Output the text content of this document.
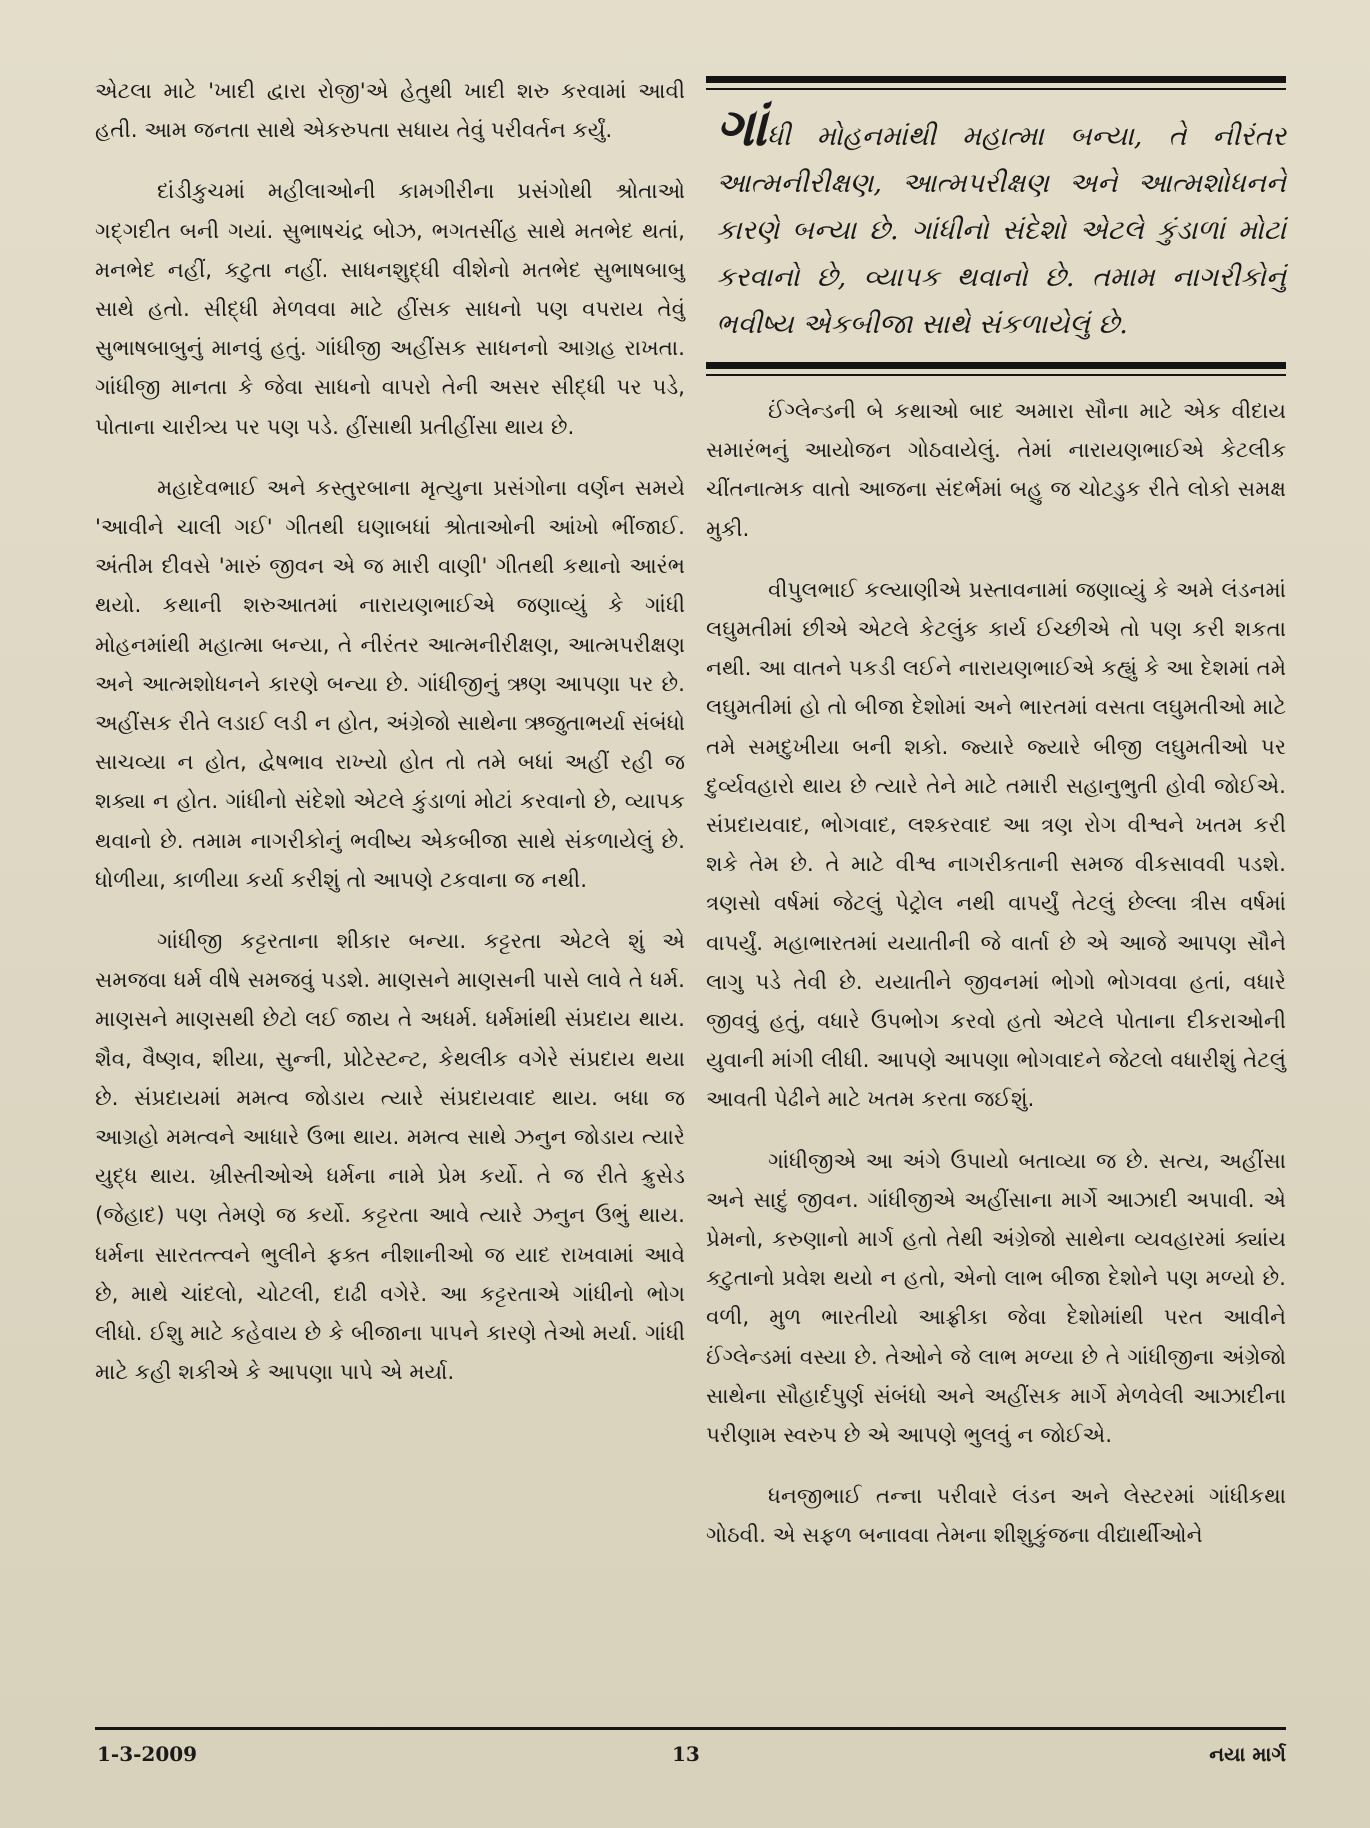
એટલા માટે 'ખાદી દ્વારા રોજી'એ હેતુથી ખાદી શરુ કરવામાં આવી હતી. આમ જનતા સાથે એકરુપતા સધાય તેવું પરીવર્તન કર્યું.

દાંડીકુચમાં મહીલાઓની કામગીરીના પ્રસંગોથી શ્રોતાઓ ગદ્ગદીત બની ગયાં. સુભાષચંદ્ર બોઝ, ભગતસીંહ સાથે મતભેદ થતાં, મનભેદ નહીં, કટુતા નહીં. સાધનશુદ્ધી વીશેનો મતભેદ સુભાષબાબુ સાથે હતો. સીદ્ધી મેળવવા માટે હીંસક સાધનો પણ વપરાય તેવું સુભાષબાબુનું માનવું હતું. ગાંધીજી અહીંસક સાધનનો આગ્રહ રાખતા. ગાંધીજી માનતા કે જેવા સાધનો વાપરો તેની અસર સીદ્ધી પર પડે, પોતાના ચારીત્ર્ય પર પણ પડે. હીંસાથી પ્રતીહીંસા થાય છે.

મહાદેવભાઈ અને કસ્તુરબાના મૃત્યુના પ્રસંગોના વર્ણન સમયે 'આવીને ચાલી ગઈ' ગીતથી ઘણાબધાં શ્રોતાઓની આંખો ભીંજાઈ. અંતીમ દીવસે 'મારું જીવન એ જ મારી વાણી' ગીતથી કથાનો આરંભ થયો. કથાની શરુઆતમાં નારાયણભાઈએ જણાવ્યું કે ગાંધી મોહનમાંથી મહાત્મા બન્યા, તે નીરંતર આત્મનીરીક્ષણ, આત્મપરીક્ષણ અને આત્મશોધનને કારણે બન્યા છે. ગાંધીજીનું ઋણ આપણા પર છે. અહીંસક રીતે લડાઈ લડી ન હોત, અંગ્રેજો સાથેના ઋજુતાભર્યા સંબંધો સાચવ્યા ન હોત, દ્વેષભાવ રાખ્યો હોત તો તમે બધાં અહીં રહી જ શક્યા ન હોત. ગાંધીનો સંદેશો એટલે કુંડાળાં મોટાં કરવાનો છે, વ્યાપક થવાનો છે. તમામ નાગરીકોનું ભવીષ્ય એકબીજા સાથે સંકળાયેલું છે. ધોળીયા, કાળીયા કર્યા કરીશું તો આપણે ટકવાના જ નથી.

ગાંધીજી કટ્ટરતાના શીકાર બન્યા. કટ્ટરતા એટલે શું એ સમજવા ધર્મ વીષે સમજવું પડશે. માણસને માણસની પાસે લાવે તે ધર્મ. માણસને માણસથી છેટો લઈ જાય તે અધર્મ. ધર્મમાંથી સંપ્રદાય થાય. શૈવ, વૈષ્ણવ, શીયા, સુન્ની, પ્રોટેસ્ટન્ટ, કેથલીક વગેરે સંપ્રદાય થયા છે. સંપ્રદાયમાં મમત્વ જોડાય ત્યારે સંપ્રદાયવાદ થાય. બધા જ આગ્રહો મમત્વને આધારે ઉભા થાય. મમત્વ સાથે ઝનુન જોડાય ત્યારે યુદ્ધ થાય. ખ્રીસ્તીઓએ ધર્મના નામે પ્રેમ કર્યો. તે જ રીતે ક્રુસેડ (જેહાદ) પણ તેમણે જ કર્યો. કટ્ટરતા આવે ત્યારે ઝનુન ઉભું થાય. ધર્મના સારતત્ત્વને ભુલીને ફક્ત નીશાનીઓ જ યાદ રાખવામાં આવે છે, માથે ચાંદલો, ચોટલી, દાઢી વગેરે. આ કટ્ટરતાએ ગાંધીનો ભોગ લીધો. ઈશુ માટે કહેવાય છે કે બીજાના પાપને કારણે તેઓ મર્યા. ગાંધી માટે કહી શકીએ કે આપણા પાપે એ મર્યા.

ગાંધી મોહનમાંથી મહાત્મા બન્યા, તે નીરંતર આત્મનીરીક્ષણ, આત્મપરીક્ષણ અને આત્મશોધનને કારણે બન્યા છે. ગાંધીનો સંદેશો એટલે કુંડાળાં મોટાં કરવાનો છે, વ્યાપક થવાનો છે. તમામ નાગરીકોનું ભવીષ્ય એકબીજા સાથે સંકળાયેલું છે.

ઈંગ્લેન્ડની બે કથાઓ બાદ અમારા સૌના માટે એક વીદાય સમારંભનું આયોજન ગોઠવાયેલું. તેમાં નારાયણભાઈએ કેટલીક ચીંતનાત્મક વાતો આજના સંદર્ભમાં બહુ જ ચોટડુક રીતે લોકો સમક્ષ મુકી.

વીપુલભાઈ કલ્યાણીએ પ્રસ્તાવનામાં જણાવ્યું કે અમે લંડનમાં લઘુમતીમાં છીએ એટલે કેટલુંક કાર્ય ઈચ્છીએ તો પણ કરી શકતા નથી. આ વાતને પકડી લઈને નારાયણભાઈએ કહ્યું કે આ દેશમાં તમે લઘુમતીમાં હો તો બીજા દેશોમાં અને ભારતમાં વસતા લઘુમતીઓ માટે તમે સમદુખીયા બની શકો. જ્યારે જ્યારે બીજી લઘુમતીઓ પર દુર્વ્યવહારો થાય છે ત્યારે તેને માટે તમારી સહાનુભુતી હોવી જોઈએ. સંપ્રદાયવાદ, ભોગવાદ, લશ્કરવાદ આ ત્રણ રોગ વીશ્વને ખતમ કરી શકે તેમ છે. તે માટે વીશ્વ નાગરીકતાની સમજ વીકસાવવી પડશે. ત્રણસો વર્ષમાં જેટલું પેટ્રોલ નથી વાપર્યું તેટલું છેલ્લા ત્રીસ વર્ષમાં વાપર્યું. મહાભારતમાં યયાતીની જે વાર્તા છે એ આજે આપણ સૌને લાગુ પડે તેવી છે. યયાતીને જીવનમાં ભોગો ભોગવવા હતાં, વધારે જીવવું હતું, વધારે ઉપભોગ કરવો હતો એટલે પોતાના દીકરાઓની યુવાની માંગી લીધી. આપણે આપણા ભોગવાદને જેટલો વધારીશું તેટલું આવતી પેઢીને માટે ખતમ કરતા જઈશું.

ગાંધીજીએ આ અંગે ઉપાયો બતાવ્યા જ છે. સત્ય, અહીંસા અને સાદું જીવન. ગાંધીજીએ અહીંસાના માર્ગે આઝાદી અપાવી. એ પ્રેમનો, કરુણાનો માર્ગ હતો તેથી અંગ્રેજો સાથેના વ્યવહારમાં ક્યાંય કટુતાનો પ્રવેશ થયો ન હતો, એનો લાભ બીજા દેશોને પણ મળ્યો છે. વળી, મુળ ભારતીયો આફ્રીકા જેવા દેશોમાંથી પરત આવીને ઈંગ્લેન્ડમાં વસ્યા છે. તેઓને જે લાભ મળ્યા છે તે ગાંધીજીના અંગ્રેજો સાથેના સૌહાર્દપુર્ણ સંબંધો અને અહીંસક માર્ગે મેળવેલી આઝાદીના પરીણામ સ્વરુપ છે એ આપણે ભુલવું ન જોઈએ.

ધનજીભાઈ તન્ના પરીવારે લંડન અને લેસ્ટરમાં ગાંધીકથા ગોઠવી. એ સફળ બનાવવા તેમના શીશુકુંજના વીદ્યાર્થીઓને

1-3-2009	13	નયા માર્ગ
